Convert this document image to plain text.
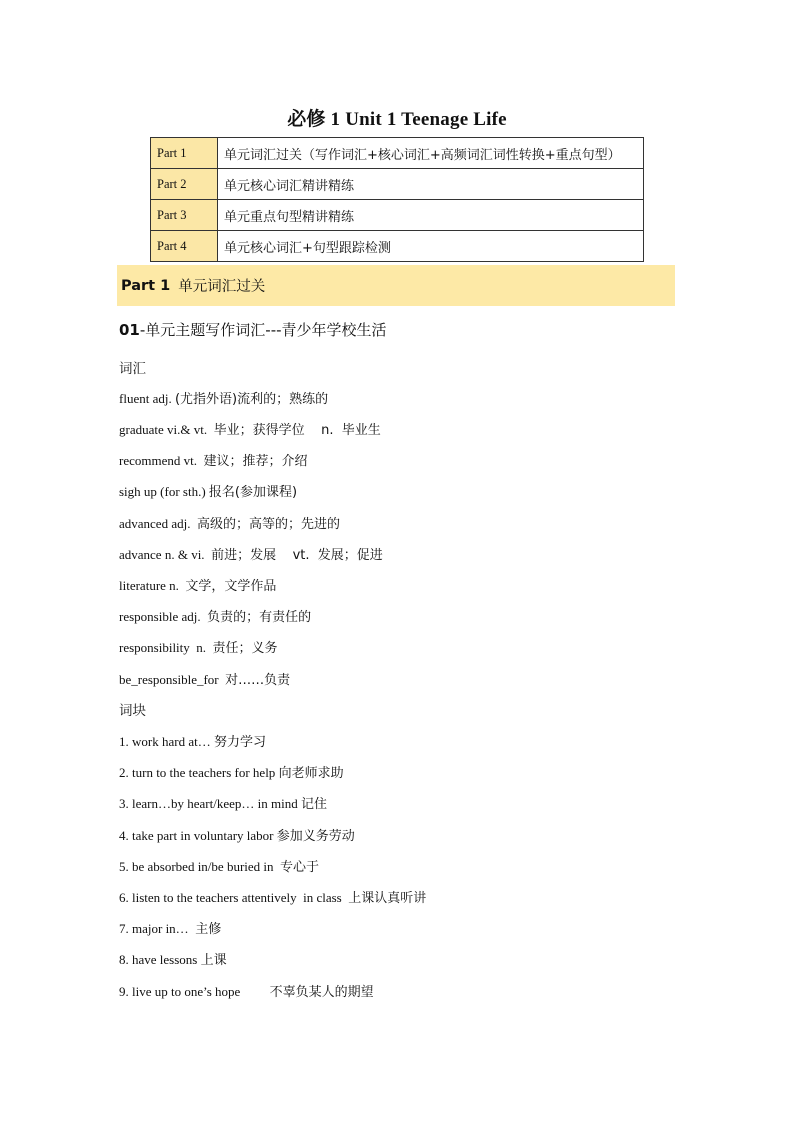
必修 1 Unit 1 Teenage Life
Part 1	单元词汇过关（写作词汇+核心词汇+高频词汇词性转换+重点句型）
Part 2	单元核心词汇精讲精练
Part 3	单元重点句型精讲精练
Part 4	单元核心词汇+句型跟踪检测
Part 1 单元词汇过关
01-单元主题写作词汇---青少年学校生活
词汇
fluent adj. (尤指外语)流利的；熟练的
graduate vi.& vt.  毕业；获得学位    n.  毕业生
recommend vt.  建议；推荐；介绍
sigh up (for sth.) 报名(参加课程)
advanced adj.  高级的；高等的；先进的
advance n. & vi.  前进；发展    vt.  发展；促进
literature n.  文学，文学作品
responsible adj.  负责的；有责任的
responsibility  n.  责任；义务
be_responsible_for  对……负责
词块
1. work hard at… 努力学习
2. turn to the teachers for help 向老师求助
3. learn…by heart/keep… in mind 记住
4. take part in voluntary labor 参加义务劳动
5. be absorbed in/be buried in  专心于
6. listen to the teachers attentively  in class  上课认真听讲
7. major in…  主修
8. have lessons 上课
9. live up to one’s hope         不辜负某人的期望
